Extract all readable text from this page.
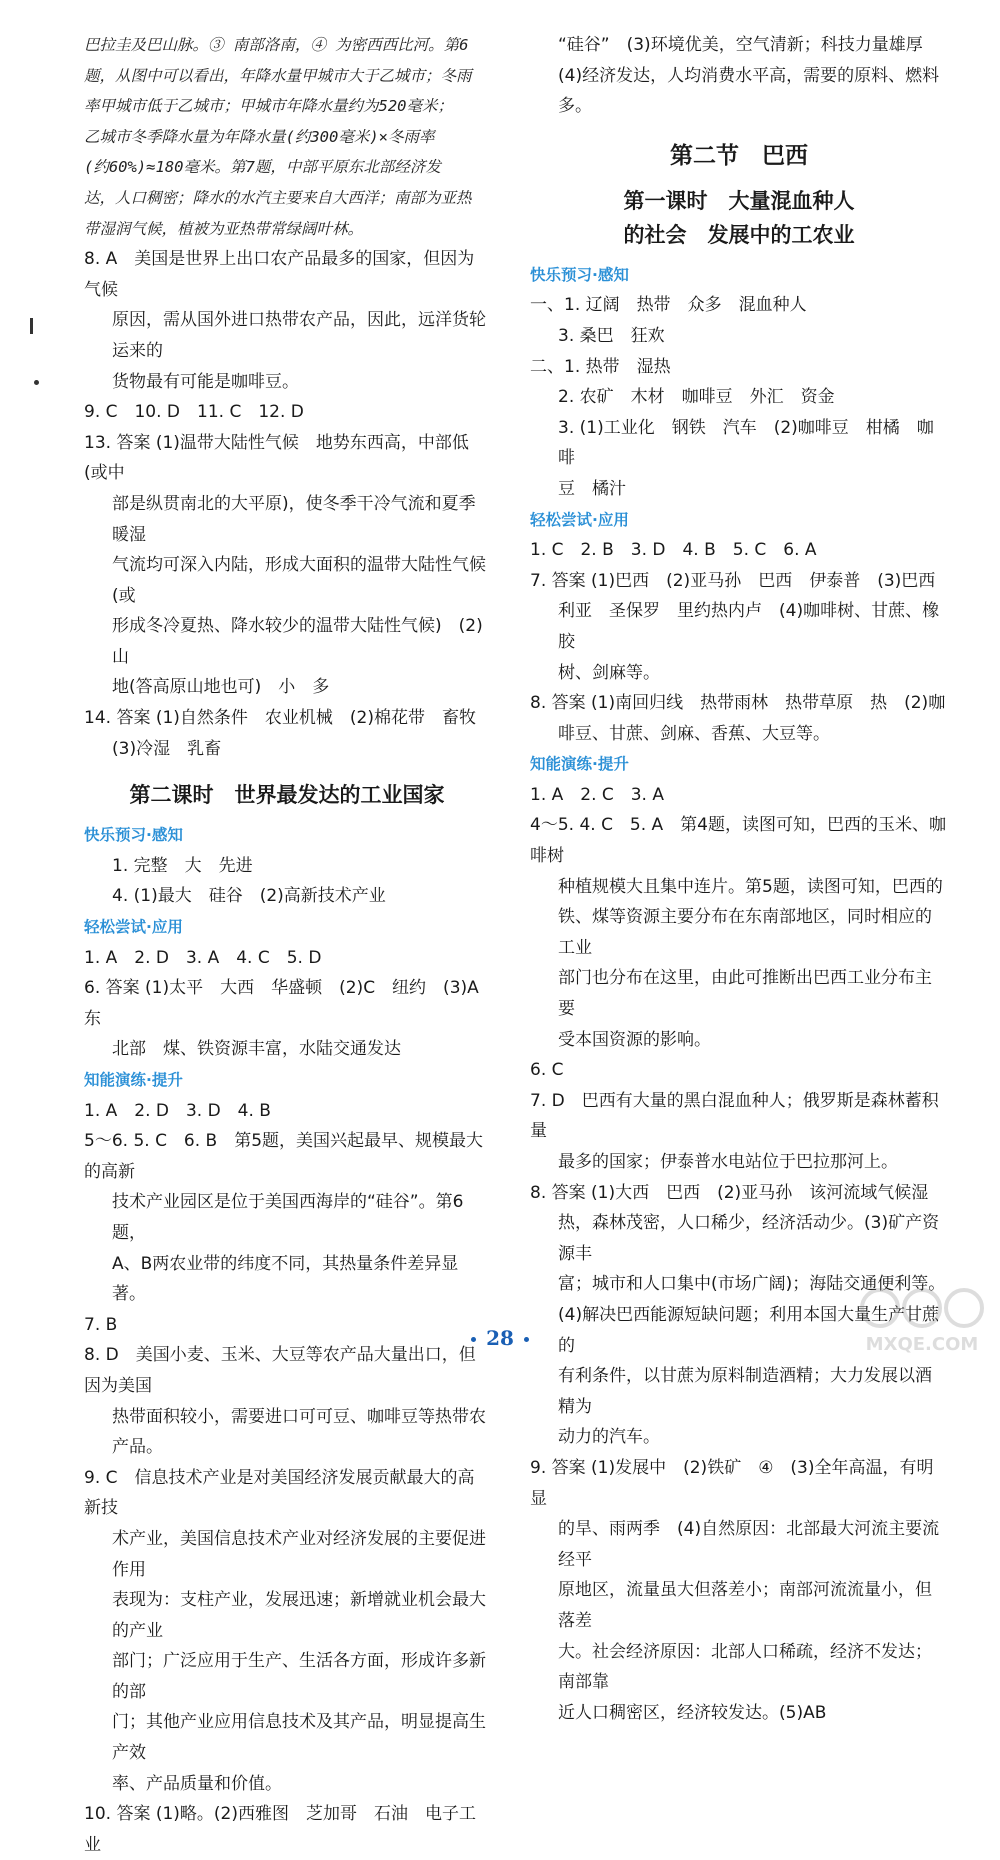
巴拉圭及巴山脉。③ 南部洛南，④ 为密西西比河。第6
题，从图中可以看出，年降水量甲城市大于乙城市；冬雨
率甲城市低于乙城市；甲城市年降水量约为520毫米；
乙城市冬季降水量为年降水量(约300毫米)×冬雨率
(约60%)≈180毫米。第7题，中部平原东北部经济发
达，人口稠密；降水的水汽主要来自大西洋；南部为亚热
带湿润气候，植被为亚热带常绿阔叶林。
8. A　美国是世界上出口农产品最多的国家，但因为气候
原因，需从国外进口热带农产品，因此，远洋货轮运来的
货物最有可能是咖啡豆。
9. C　10. D　11. C　12. D
13. 答案 (1)温带大陆性气候　地势东西高，中部低(或中
部是纵贯南北的大平原)，使冬季干冷气流和夏季暖湿
气流均可深入内陆，形成大面积的温带大陆性气候(或
形成冬冷夏热、降水较少的温带大陆性气候)　(2)山
地(答高原山地也可)　小　多
14. 答案 (1)自然条件　农业机械　(2)棉花带　畜牧
(3)冷湿　乳畜
第二课时　世界最发达的工业国家
快乐预习·感知
1. 完整　大　先进
4. (1)最大　硅谷　(2)高新技术产业
轻松尝试·应用
1. A　2. D　3. A　4. C　5. D
6. 答案 (1)太平　大西　华盛顿　(2)C　纽约　(3)A 东
北部　煤、铁资源丰富，水陆交通发达
知能演练·提升
1. A　2. D　3. D　4. B
5～6. 5. C　6. B　第5题，美国兴起最早、规模最大的高新
技术产业园区是位于美国西海岸的“硅谷”。第6题，
A、B两农业带的纬度不同，其热量条件差异显著。
7. B
8. D　美国小麦、玉米、大豆等农产品大量出口，但因为美国
热带面积较小，需要进口可可豆、咖啡豆等热带农产品。
9. C　信息技术产业是对美国经济发展贡献最大的高新技
术产业，美国信息技术产业对经济发展的主要促进作用
表现为：支柱产业，发展迅速；新增就业机会最大的产业
部门；广泛应用于生产、生活各方面，形成许多新的部
门；其他产业应用信息技术及其产品，明显提高生产效
率、产品质量和价值。
10. 答案 (1)略。(2)西雅图　芝加哥　石油　电子工业
“硅谷”　(3)环境优美，空气清新；科技力量雄厚
(4)经济发达，人均消费水平高，需要的原料、燃料多。
第二节　巴西
第一课时　大量混血种人
的社会　发展中的工农业
快乐预习·感知
一、1. 辽阔　热带　众多　混血种人
3. 桑巴　狂欢
二、1. 热带　湿热
2. 农矿　木材　咖啡豆　外汇　资金
3. (1)工业化　钢铁　汽车　(2)咖啡豆　柑橘　咖啡
豆　橘汁
轻松尝试·应用
1. C　2. B　3. D　4. B　5. C　6. A
7. 答案 (1)巴西　(2)亚马孙　巴西　伊泰普　(3)巴西
利亚　圣保罗　里约热内卢　(4)咖啡树、甘蔗、橡胶
树、剑麻等。
8. 答案 (1)南回归线　热带雨林　热带草原　热　(2)咖
啡豆、甘蔗、剑麻、香蕉、大豆等。
知能演练·提升
1. A　2. C　3. A
4～5. 4. C　5. A　第4题，读图可知，巴西的玉米、咖啡树
种植规模大且集中连片。第5题，读图可知，巴西的
铁、煤等资源主要分布在东南部地区，同时相应的工业
部门也分布在这里，由此可推断出巴西工业分布主要
受本国资源的影响。
6. C
7. D　巴西有大量的黑白混血种人；俄罗斯是森林蓄积量
最多的国家；伊泰普水电站位于巴拉那河上。
8. 答案 (1)大西　巴西　(2)亚马孙　该河流域气候湿
热，森林茂密，人口稀少，经济活动少。(3)矿产资源丰
富；城市和人口集中(市场广阔)；海陆交通便利等。
(4)解决巴西能源短缺问题；利用本国大量生产甘蔗的
有利条件，以甘蔗为原料制造酒精；大力发展以酒精为
动力的汽车。
9. 答案 (1)发展中　(2)铁矿　④　(3)全年高温，有明显
的旱、雨两季　(4)自然原因：北部最大河流主要流经平
原地区，流量虽大但落差小；南部河流流量小，但落差
大。社会经济原因：北部人口稀疏，经济不发达；南部靠
近人口稠密区，经济较发达。(5)AB
28	MXQE.COM
